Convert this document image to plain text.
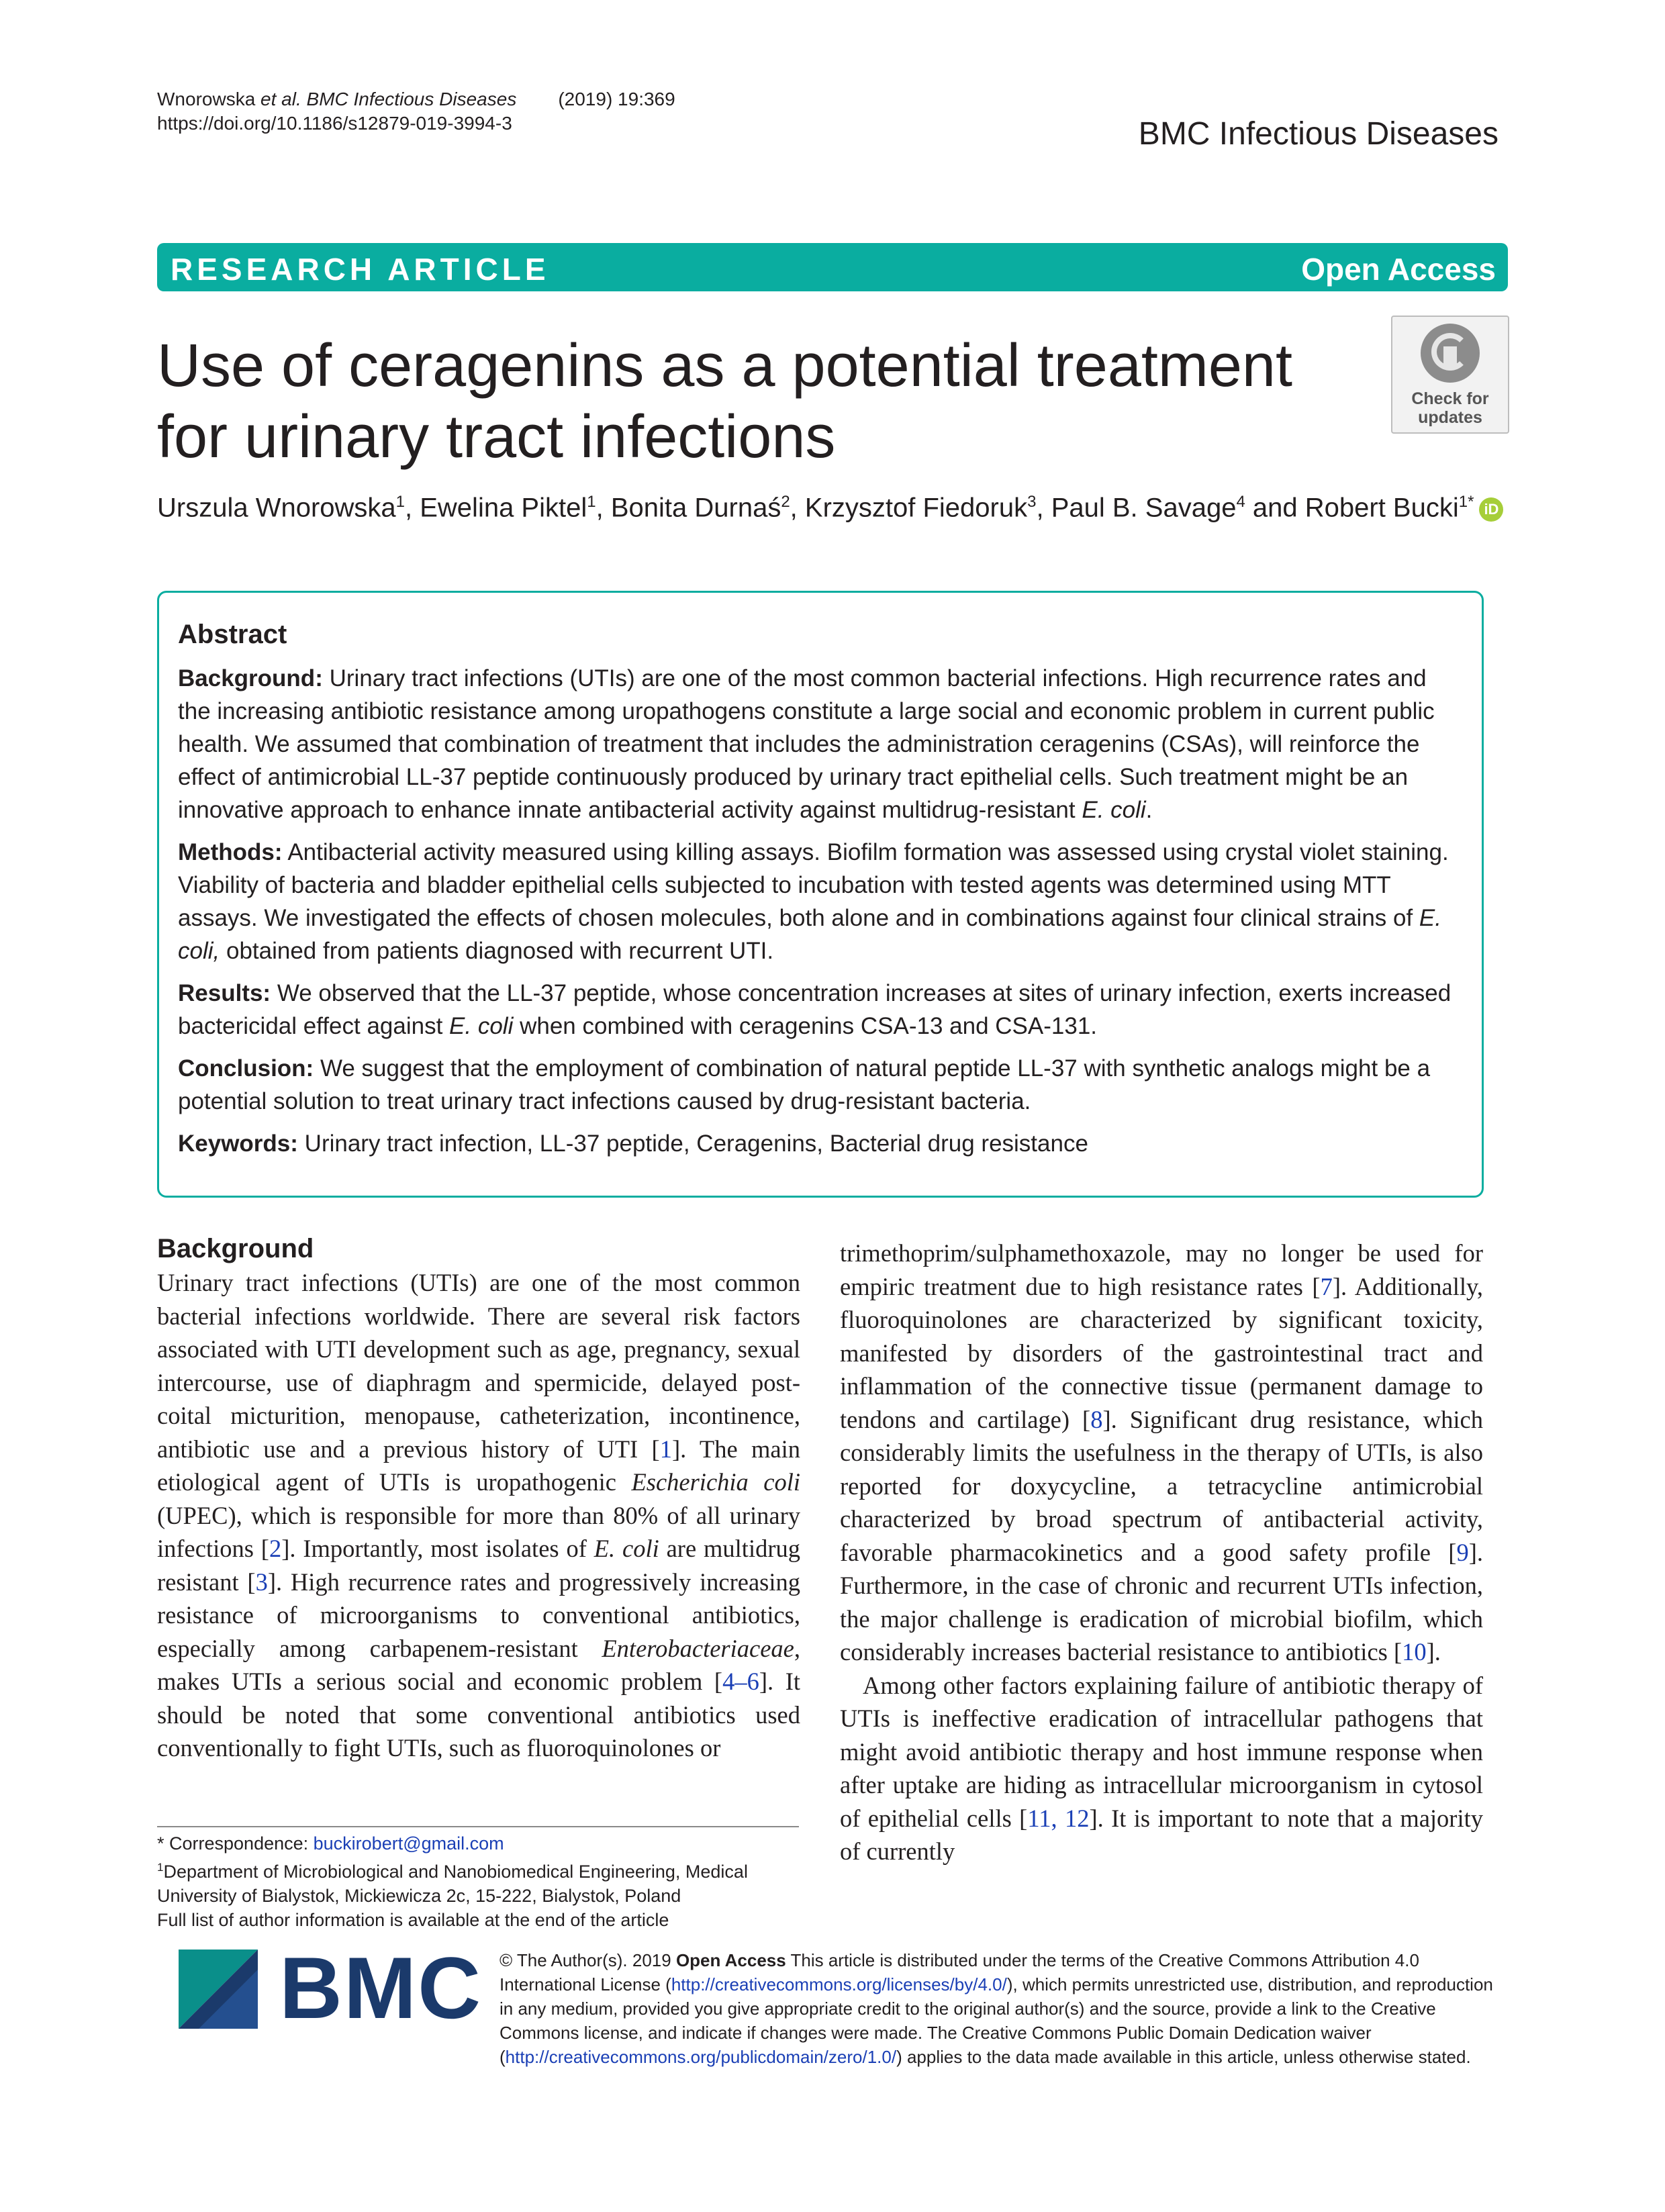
Wnorowska et al. BMC Infectious Diseases (2019) 19:369
https://doi.org/10.1186/s12879-019-3994-3	BMC Infectious Diseases
RESEARCH ARTICLE	Open Access
Use of ceragenins as a potential treatment
for urinary tract infections
Check for
updates
Urszula Wnorowska$^1$, Ewelina Piktel$^1$, Bonita Durnaś$^2$, Krzysztof Fiedoruk$^3$, Paul B. Savage$^4$ and Robert Bucki$^{1*}$ iD
Abstract

Background: Urinary tract infections (UTIs) are one of the most common bacterial infections. High recurrence rates and the increasing antibiotic resistance among uropathogens constitute a large social and economic problem in current public health. We assumed that combination of treatment that includes the administration ceragenins (CSAs), will reinforce the effect of antimicrobial LL-37 peptide continuously produced by urinary tract epithelial cells. Such treatment might be an innovative approach to enhance innate antibacterial activity against multidrug-resistant E. coli.

Methods: Antibacterial activity measured using killing assays. Biofilm formation was assessed using crystal violet staining. Viability of bacteria and bladder epithelial cells subjected to incubation with tested agents was determined using MTT assays. We investigated the effects of chosen molecules, both alone and in combinations against four clinical strains of E. coli, obtained from patients diagnosed with recurrent UTI.

Results: We observed that the LL-37 peptide, whose concentration increases at sites of urinary infection, exerts increased bactericidal effect against E. coli when combined with ceragenins CSA-13 and CSA-131.

Conclusion: We suggest that the employment of combination of natural peptide LL-37 with synthetic analogs might be a potential solution to treat urinary tract infections caused by drug-resistant bacteria.

Keywords: Urinary tract infection, LL-37 peptide, Ceragenins, Bacterial drug resistance

Background

Urinary tract infections (UTIs) are one of the most common bacterial infections worldwide. There are several risk factors associated with UTI development such as age, pregnancy, sexual intercourse, use of diaphragm and spermicide, delayed post-coital micturition, menopause, catheterization, incontinence, antibiotic use and a previous history of UTI [1]. The main etiological agent of UTIs is uropathogenic Escherichia coli (UPEC), which is responsible for more than 80% of all urinary infections [2]. Importantly, most isolates of E. coli are multidrug resistant [3]. High recurrence rates and progressively increasing resistance of microorganisms to conventional antibiotics, especially among carbapenem-resistant Enterobacteriaceae, makes UTIs a serious social and economic problem [4–6]. It should be noted that some conventional antibiotics used conventionally to fight UTIs, such as fluoroquinolones or

trimethoprim/sulphamethoxazole, may no longer be used for empiric treatment due to high resistance rates [7]. Additionally, fluoroquinolones are characterized by significant toxicity, manifested by disorders of the gastrointestinal tract and inflammation of the connective tissue (permanent damage to tendons and cartilage) [8]. Significant drug resistance, which considerably limits the usefulness in the therapy of UTIs, is also reported for doxycycline, a tetracycline antimicrobial characterized by broad spectrum of antibacterial activity, favorable pharmacokinetics and a good safety profile [9]. Furthermore, in the case of chronic and recurrent UTIs infection, the major challenge is eradication of microbial biofilm, which considerably increases bacterial resistance to antibiotics [10].

Among other factors explaining failure of antibiotic therapy of UTIs is ineffective eradication of intracellular pathogens that might avoid antibiotic therapy and host immune response when after uptake are hiding as intracellular microorganism in cytosol of epithelial cells [11, 12]. It is important to note that a majority of currently

* Correspondence: buckirobert@gmail.com
$^1$Department of Microbiological and Nanobiomedical Engineering, Medical University of Bialystok, Mickiewicza 2c, 15-222, Bialystok, Poland
Full list of author information is available at the end of the article
BMC © The Author(s). 2019 Open Access This article is distributed under the terms of the Creative Commons Attribution 4.0 International License (http://creativecommons.org/licenses/by/4.0/), which permits unrestricted use, distribution, and reproduction in any medium, provided you give appropriate credit to the original author(s) and the source, provide a link to the Creative Commons license, and indicate if changes were made. The Creative Commons Public Domain Dedication waiver (http://creativecommons.org/publicdomain/zero/1.0/) applies to the data made available in this article, unless otherwise stated.
